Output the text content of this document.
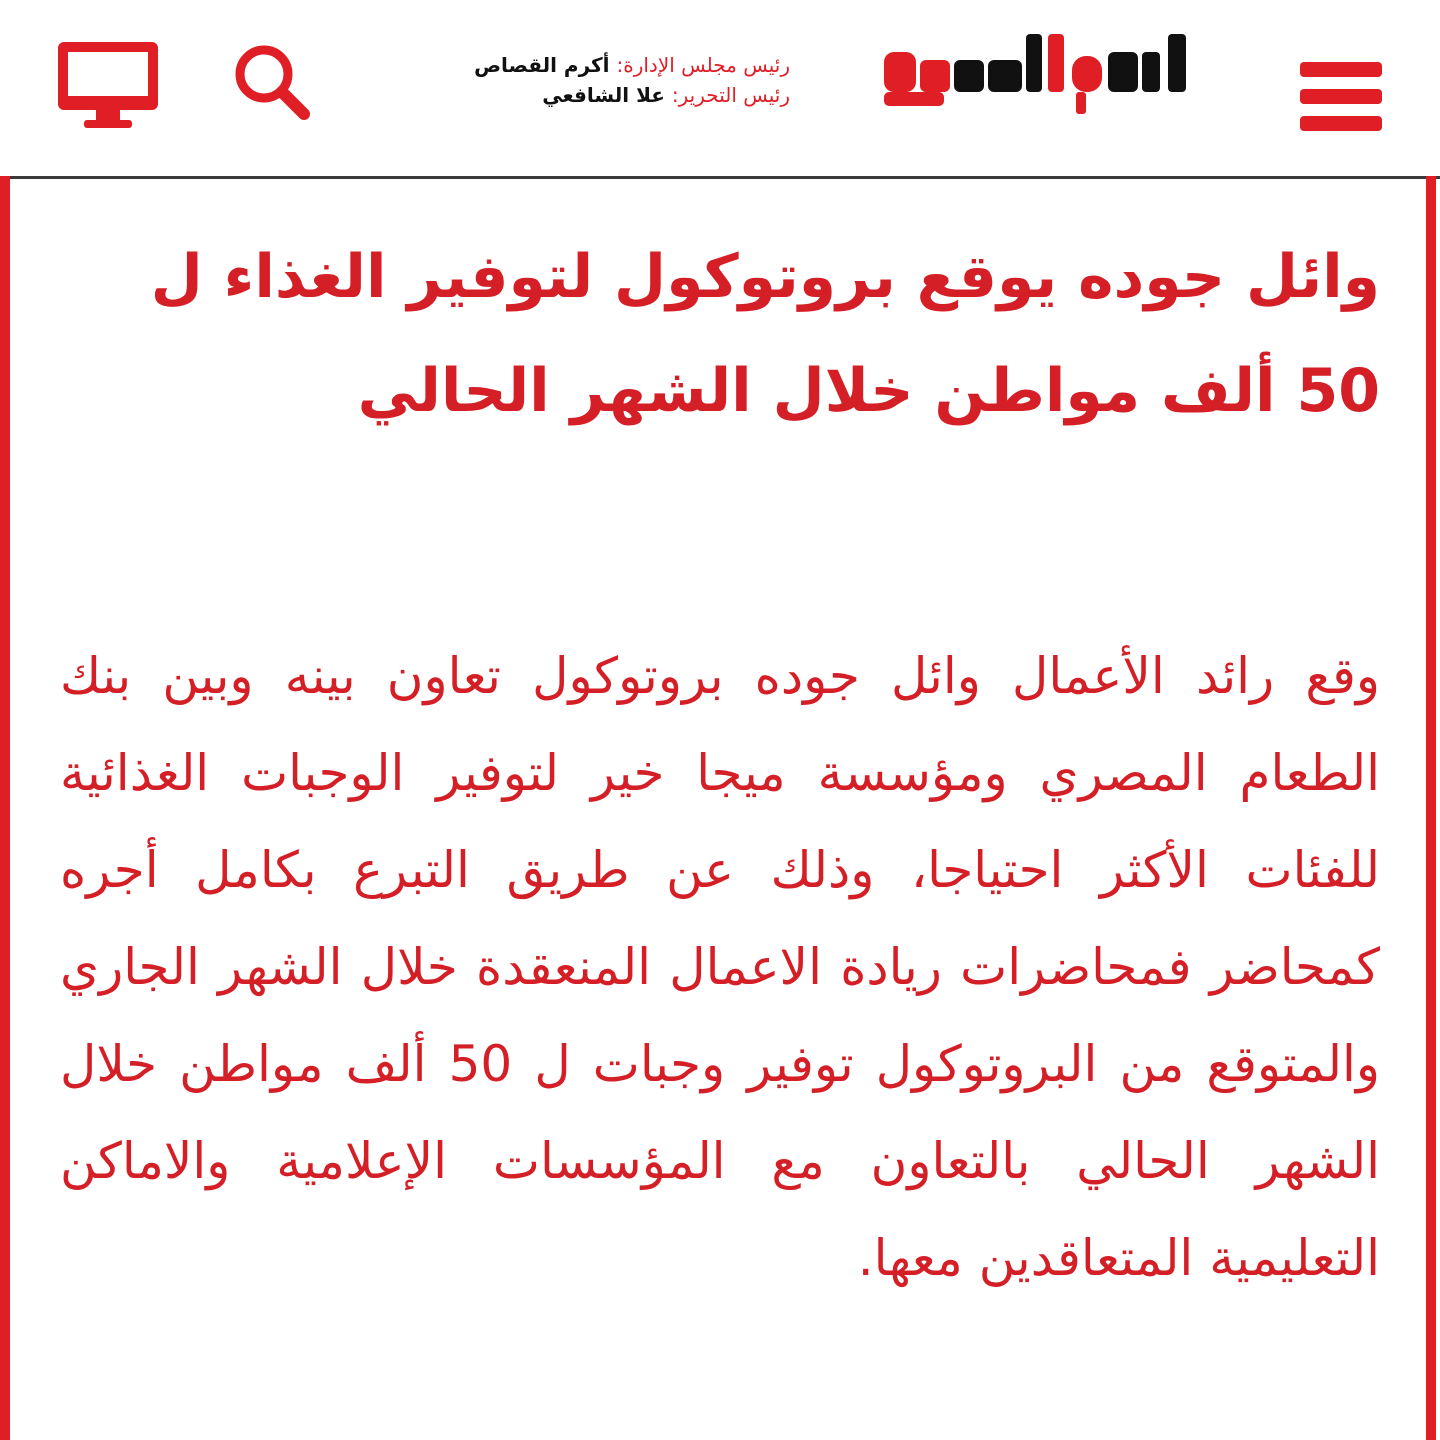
رئيس مجلس الإدارة: أكرم القصاص
رئيس التحرير: علا الشافعي
وائل جوده يوقع بروتوكول لتوفير الغذاء ل 50 ألف مواطن خلال الشهر الحالي

وقع رائد الأعمال وائل جوده بروتوكول تعاون بينه وبين بنك الطعام المصري ومؤسسة ميجا خير لتوفير الوجبات الغذائية للفئات الأكثر احتياجا، وذلك عن طريق التبرع بكامل أجره كمحاضر فمحاضرات ريادة الاعمال المنعقدة خلال الشهر الجاري والمتوقع من البروتوكول توفير وجبات ل 50 ألف مواطن خلال الشهر الحالي بالتعاون مع المؤسسات الإعلامية والاماكن التعليمية المتعاقدين معها.
